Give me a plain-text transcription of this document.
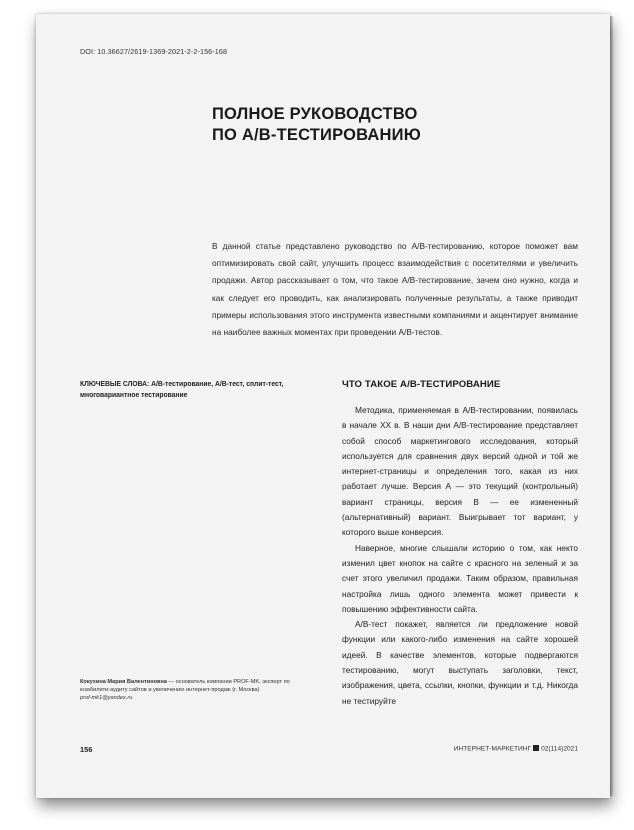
DOI: 10.36627/2619-1369-2021-2-2-156-168
ПОЛНОЕ РУКОВОДСТВО
ПО А/В-ТЕСТИРОВАНИЮ
В данной статье представлено руководство по А/В-тестированию, которое поможет вам оптимизировать свой сайт, улучшить процесс взаимодействия с посетителями и увеличить продажи. Автор рассказывает о том, что такое А/В-тестирование, зачем оно нужно, когда и как следует его проводить, как анализировать полученные результаты, а также приводит примеры использования этого инструмента известными компаниями и акцентирует внимание на наиболее важных моментах при проведении А/В-тестов.
КЛЮЧЕВЫЕ СЛОВА: А/В-тестирование, А/В-тест, сплит-тест, многовариантное тестирование
Кокухина Мария Валентиновна — основатель компании PROF-MK, эксперт по юзабилити-аудиту сайтов и увеличению интернет-продаж (г. Москва)
prof-mk1@yandex.ru
ЧТО ТАКОЕ А/В-ТЕСТИРОВАНИЕ

Методика, применяемая в А/В-тестировании, появилась в начале XX в. В наши дни А/В-тестирование представляет собой способ маркетингового исследования, который используется для сравнения двух версий одной и той же интернет-страницы и определения того, какая из них работает лучше. Версия А — это текущий (контрольный) вариант страницы, версия В — ее измененный (альтернативный) вариант. Выигрывает тот вариант, у которого выше конверсия.

Наверное, многие слышали историю о том, как некто изменил цвет кнопок на сайте с красного на зеленый и за счет этого увеличил продажи. Таким образом, правильная настройка лишь одного элемента может привести к повышению эффективности сайта.

А/В-тест покажет, является ли предложение новой функции или какого-либо изменения на сайте хорошей идеей. В качестве элементов, которые подвергаются тестированию, могут выступать заголовки, текст, изображения, цвета, ссылки, кнопки, функции и т.д. Никогда не тестируйте

156	ИНТЕРНЕТ-МАРКЕТИНГ 02(114)2021
